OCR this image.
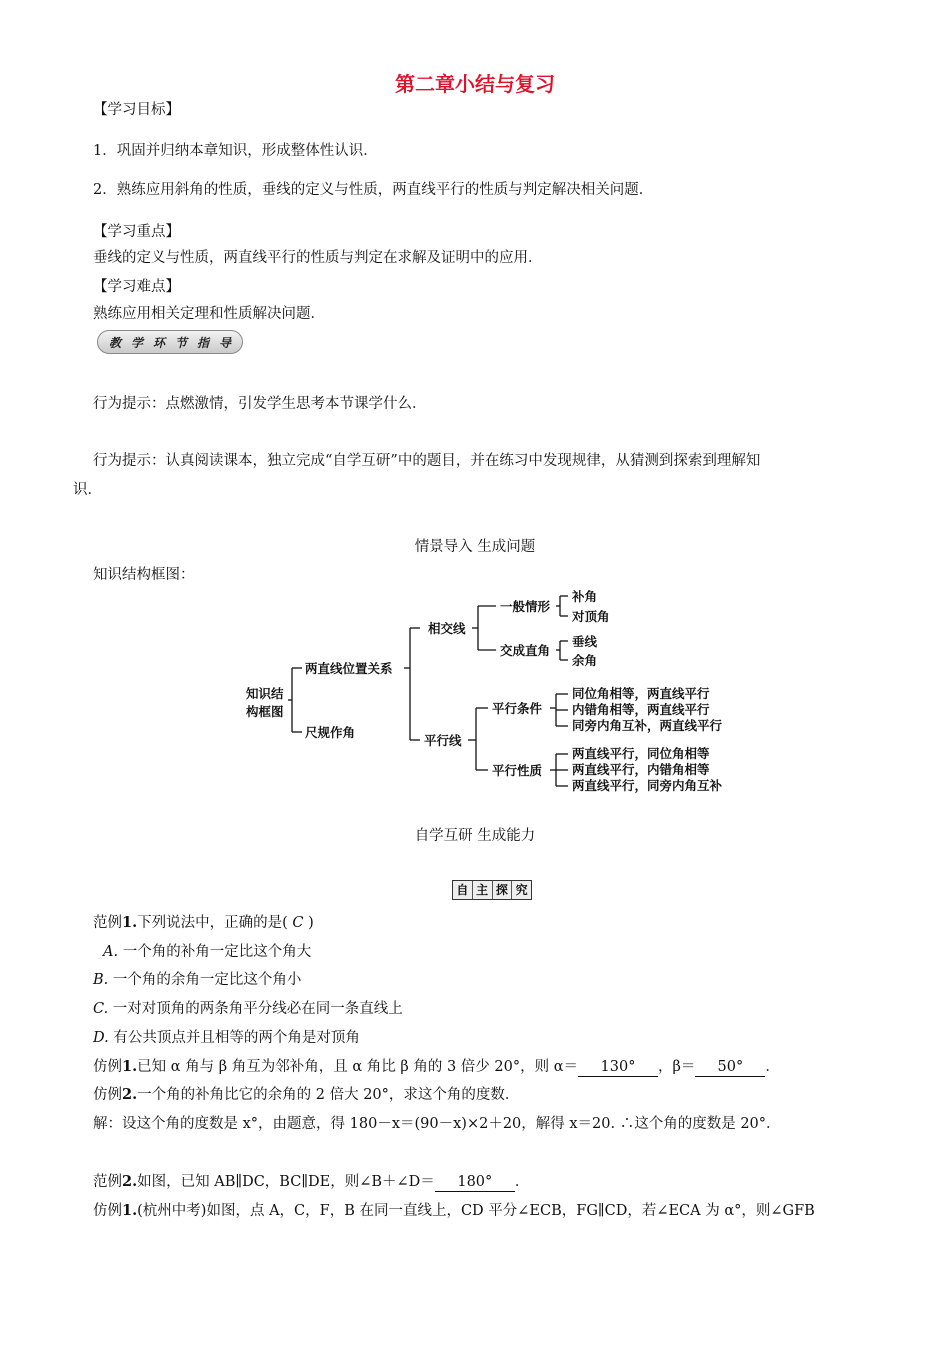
第二章小结与复习
【学习目标】
1．巩固并归纳本章知识，形成整体性认识．
2．熟练应用斜角的性质，垂线的定义与性质，两直线平行的性质与判定解决相关问题．
【学习重点】
垂线的定义与性质，两直线平行的性质与判定在求解及证明中的应用．
【学习难点】
熟练应用相关定理和性质解决问题．
教 学 环 节 指 导
行为提示：点燃激情，引发学生思考本节课学什么．
行为提示：认真阅读课本，独立完成“自学互研”中的题目，并在练习中发现规律，从猜测到探索到理解知
识．
情景导入 生成问题
知识结构框图：
知识结
构框图
两直线位置关系
尺规作角
相交线
平行线
一般情形
交成直角
补角
对顶角
垂线
余角
平行条件
平行性质
同位角相等，两直线平行
内错角相等，两直线平行
同旁内角互补，两直线平行
两直线平行，同位角相等
两直线平行，内错角相等
两直线平行，同旁内角互补
自学互研 生成能力
自 主 探 究
范例1.下列说法中，正确的是( C )
A. 一个角的补角一定比这个角大
B. 一个角的余角一定比这个角小
C. 一对对顶角的两条角平分线必在同一条直线上
D. 有公共顶点并且相等的两个角是对顶角
仿例1.已知 α 角与 β 角互为邻补角，且 α 角比 β 角的 3 倍少 20°，则 α＝ 130° ，β＝ 50° ．
仿例2.一个角的补角比它的余角的 2 倍大 20°，求这个角的度数．
解：设这个角的度数是 x°，由题意，得 180－x＝(90－x)×2＋20，解得 x＝20. ∴这个角的度数是 20°．
范例2.如图，已知 AB∥DC，BC∥DE，则∠B＋∠D＝ 180° ．
仿例1.(杭州中考)如图，点 A，C，F，B 在同一直线上，CD 平分∠ECB，FG∥CD，若∠ECA 为 α°，则∠GFB
